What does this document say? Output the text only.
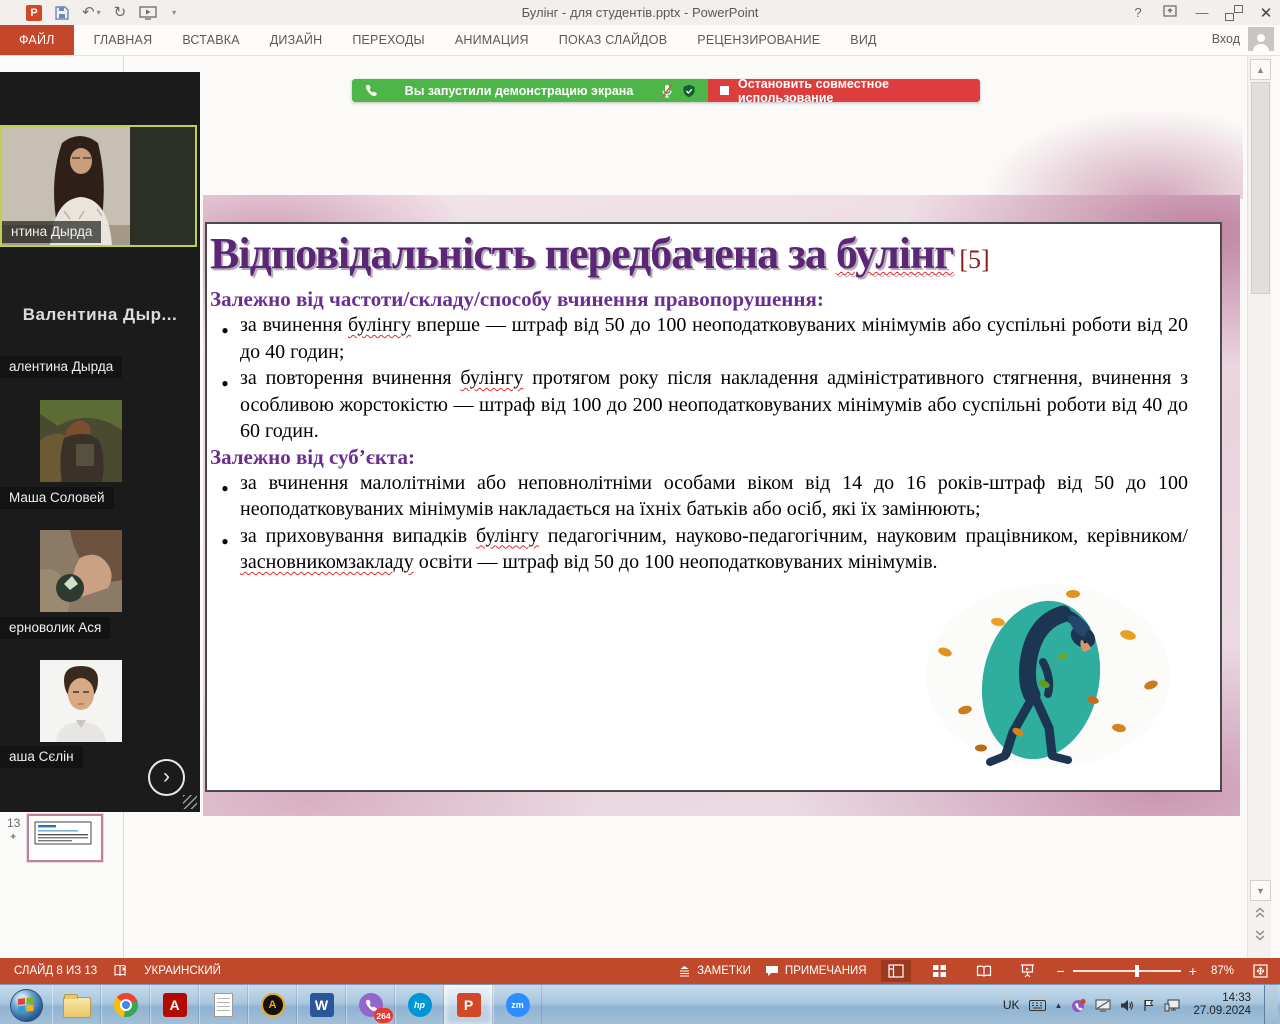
P	↶ ▾ ↻	▾	Булінг - для студентів.pptx - PowerPoint	?	—	✕
ФАЙЛ	ГЛАВНАЯ	ВСТАВКА	ДИЗАЙН	ПЕРЕХОДЫ	АНИМАЦИЯ	ПОКАЗ СЛАЙДОВ	РЕЦЕНЗИРОВАНИЕ	ВИД	Вход
13
✦
Відповідальність передбачена за булінг [5]
Залежно від частоти/складу/способу вчинення правопорушення:
● за вчинення булінгу вперше — штраф від 50 до 100 неоподатковуваних мінімумів або суспільні роботи від 20 до 40 годин;
● за повторення вчинення булінгу протягом року після накладення адміністративного стягнення, вчинення з особливою жорстокістю — штраф від 100 до 200 неоподатковуваних мінімумів або суспільні роботи від 40 до 60 годин.
Залежно від суб’єкта:
● за вчинення малолітніми або неповнолітніми особами віком від 14 до 16 років-штраф від 50 до 100 неоподатковуваних мінімумів накладається на їхніх батьків або осіб, які їх замінюють;
● за приховування випадків булінгу педагогічним, науково-педагогічним, науковим працівником, керівником/засновникомзакладу освіти — штраф від 50 до 100 неоподатковуваних мінімумів.
▲
▼
Вы запустили демонстрацию экрана	Остановить совместное использование
нтина Дырда
Валентина Дыр...
алентина Дырда
Маша Соловей
ерноволик Ася
аша Сєлін
›
СЛАЙД 8 ИЗ 13	УКРАИНСКИЙ	ЗАМЕТКИ	ПРИМЕЧАНИЯ	−	+ 87%
A	A	W
264
hp	P	zm	UK	▲
14:33
27.09.2024
